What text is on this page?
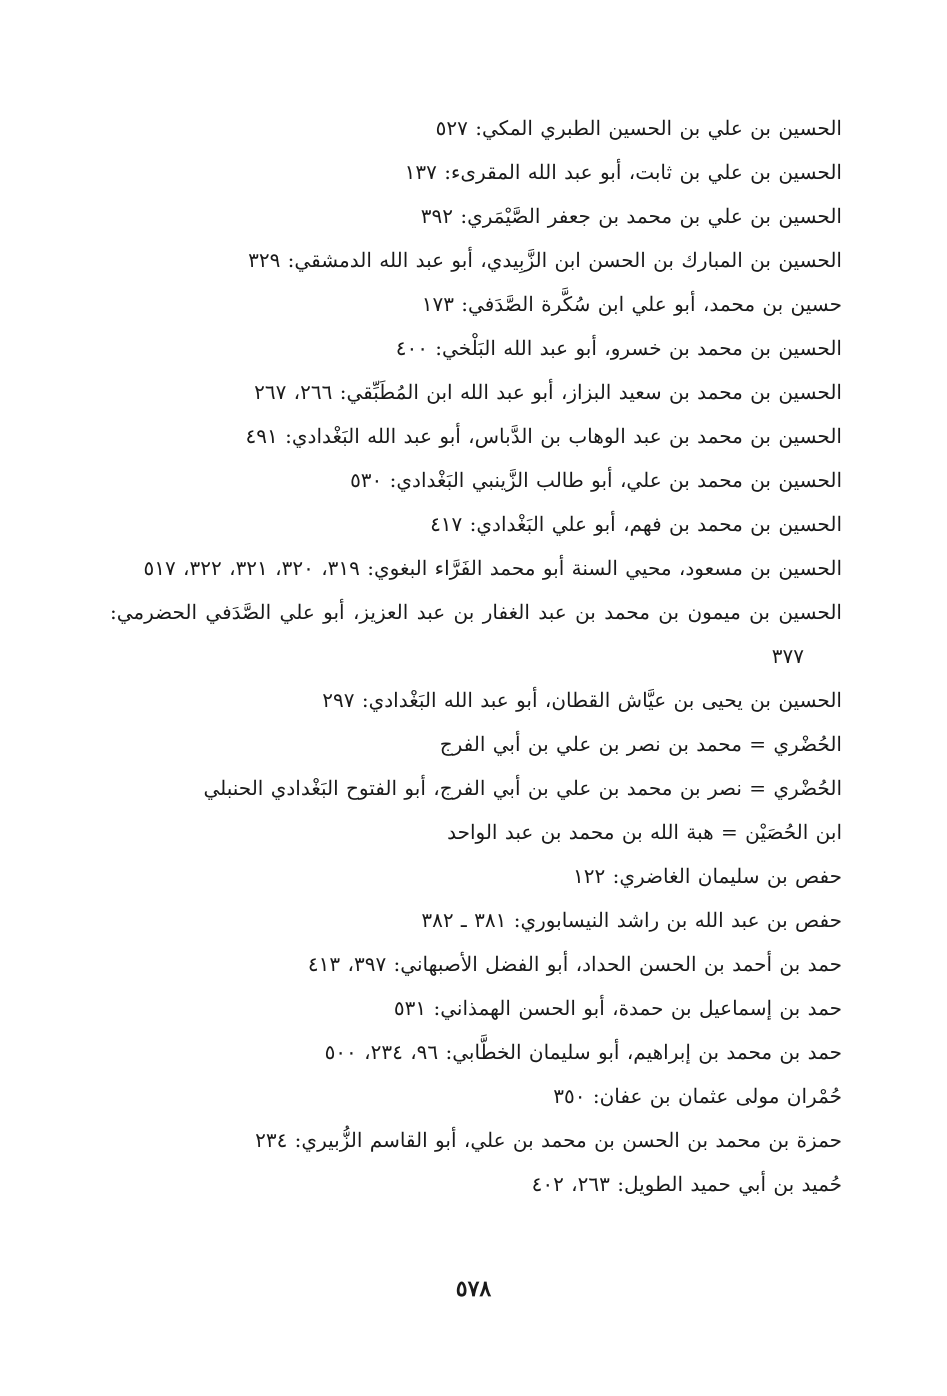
الحسين بن علي بن الحسين الطبري المكي: ٥٢٧
الحسين بن علي بن ثابت، أبو عبد الله المقرىء: ١٣٧
الحسين بن علي بن محمد بن جعفر الصَّيْمَري: ٣٩٢
الحسين بن المبارك بن الحسن ابن الزَّبِيدي، أبو عبد الله الدمشقي: ٣٢٩
حسين بن محمد، أبو علي ابن سُكَّرة الصَّدَفي: ١٧٣
الحسين بن محمد بن خسرو، أبو عبد الله البَلْخي: ٤٠٠
الحسين بن محمد بن سعيد البزاز، أبو عبد الله ابن المُطَبِّقي: ٢٦٦، ٢٦٧
الحسين بن محمد بن عبد الوهاب بن الدَّباس، أبو عبد الله البَغْدادي: ٤٩١
الحسين بن محمد بن علي، أبو طالب الزَّينبي البَغْدادي: ٥٣٠
الحسين بن محمد بن فهم، أبو علي البَغْدادي: ٤١٧
الحسين بن مسعود، محيي السنة أبو محمد الفَرَّاء البغوي: ٣١٩، ٣٢٠، ٣٢١، ٣٢٢، ٥١٧
الحسين بن ميمون بن محمد بن عبد الغفار بن عبد العزيز، أبو علي الصَّدَفي الحضرمي: ٣٧٧
الحسين بن يحيى بن عيَّاش القطان، أبو عبد الله البَغْدادي: ٢٩٧
الحُضْري = محمد بن نصر بن علي بن أبي الفرج
الحُضْري = نصر بن محمد بن علي بن أبي الفرج، أبو الفتوح البَغْدادي الحنبلي
ابن الحُصَيْن = هبة الله بن محمد بن عبد الواحد
حفص بن سليمان الغاضري: ١٢٢
حفص بن عبد الله بن راشد النيسابوري: ٣٨١ ـ ٣٨٢
حمد بن أحمد بن الحسن الحداد، أبو الفضل الأصبهاني: ٣٩٧، ٤١٣
حمد بن إسماعيل بن حمدة، أبو الحسن الهمذاني: ٥٣١
حمد بن محمد بن إبراهيم، أبو سليمان الخطَّابي: ٩٦، ٢٣٤، ٥٠٠
حُمْران مولى عثمان بن عفان: ٣٥٠
حمزة بن محمد بن الحسن بن محمد بن علي، أبو القاسم الزُّبيري: ٢٣٤
حُميد بن أبي حميد الطويل: ٢٦٣، ٤٠٢
٥٧٨
